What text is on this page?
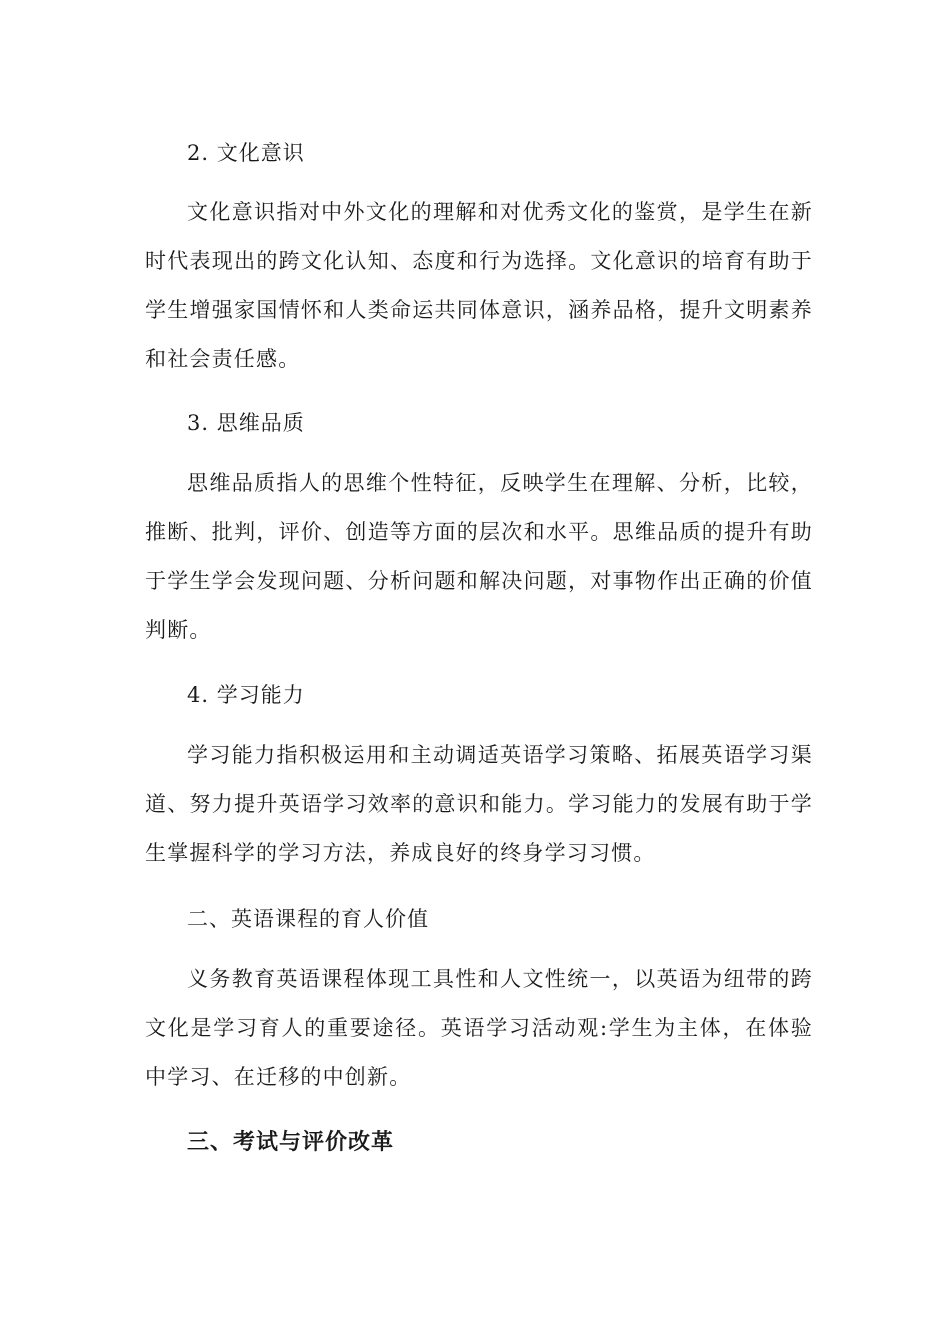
2. 文化意识
文化意识指对中外文化的理解和对优秀文化的鉴赏，是学生在新时代表现出的跨文化认知、态度和行为选择。文化意识的培育有助于学生增强家国情怀和人类命运共同体意识，涵养品格，提升文明素养和社会责任感。
3. 思维品质
思维品质指人的思维个性特征，反映学生在理解、分析，比较，推断、批判，评价、创造等方面的层次和水平。思维品质的提升有助于学生学会发现问题、分析问题和解决问题，对事物作出正确的价值判断。
4. 学习能力
学习能力指积极运用和主动调适英语学习策略、拓展英语学习渠道、努力提升英语学习效率的意识和能力。学习能力的发展有助于学生掌握科学的学习方法，养成良好的终身学习习惯。
二、英语课程的育人价值
义务教育英语课程体现工具性和人文性统一，以英语为纽带的跨文化是学习育人的重要途径。英语学习活动观:学生为主体，在体验中学习、在迁移的中创新。
三、考试与评价改革
